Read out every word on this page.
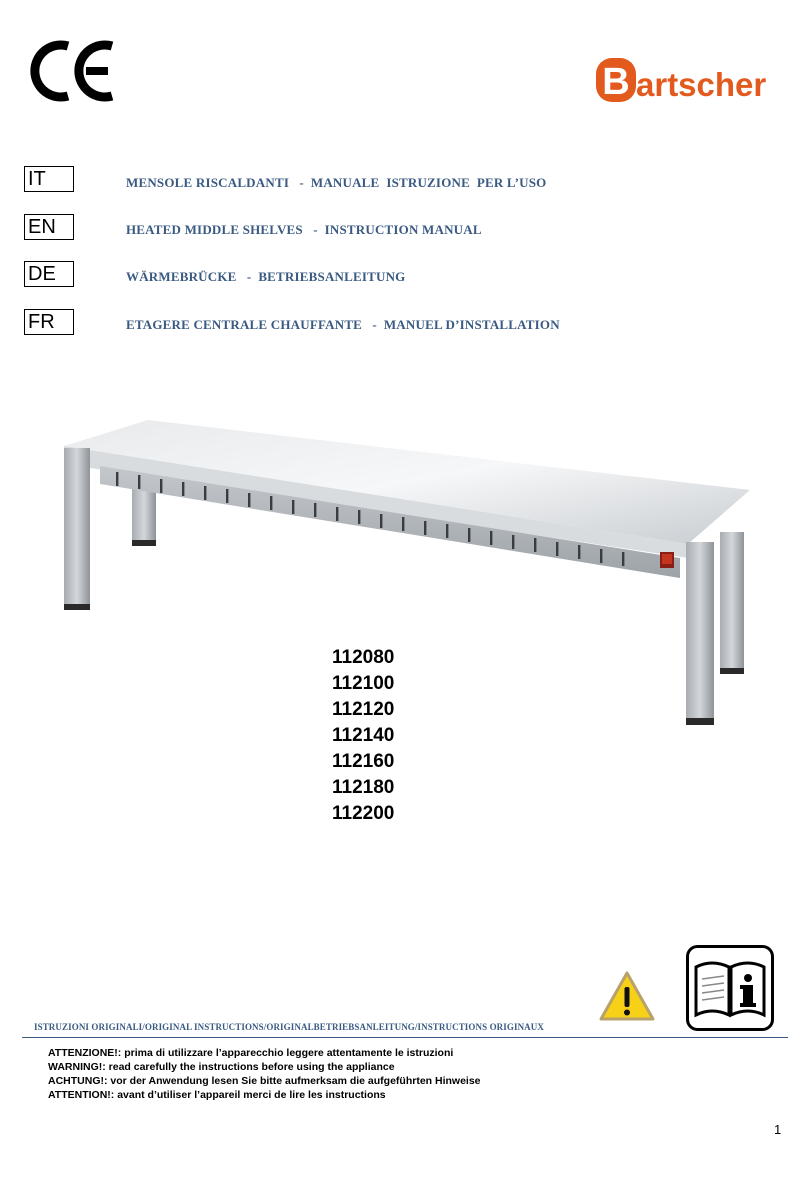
B artscher
IT	MENSOLE RISCALDANTI   -  MANUALE  ISTRUZIONE  PER L’USO
EN	HEATED MIDDLE SHELVES   -  INSTRUCTION MANUAL
DE	WÄRMEBRÜCKE   -  BETRIEBSANLEITUNG
FR	ETAGERE CENTRALE CHAUFFANTE   -  MANUEL D’INSTALLATION
112080
112100
112120
112140
112160
112180
112200
ISTRUZIONI ORIGINALI/ORIGINAL INSTRUCTIONS/ORIGINALBETRIEBSANLEITUNG/INSTRUCTIONS ORIGINAUX
ATTENZIONE!: prima di utilizzare l’apparecchio leggere attentamente le istruzioni
WARNING!: read carefully the instructions before using the appliance
ACHTUNG!: vor der Anwendung lesen Sie bitte aufmerksam die aufgeführten Hinweise
ATTENTION!: avant d’utiliser l’appareil merci de lire les instructions
1
